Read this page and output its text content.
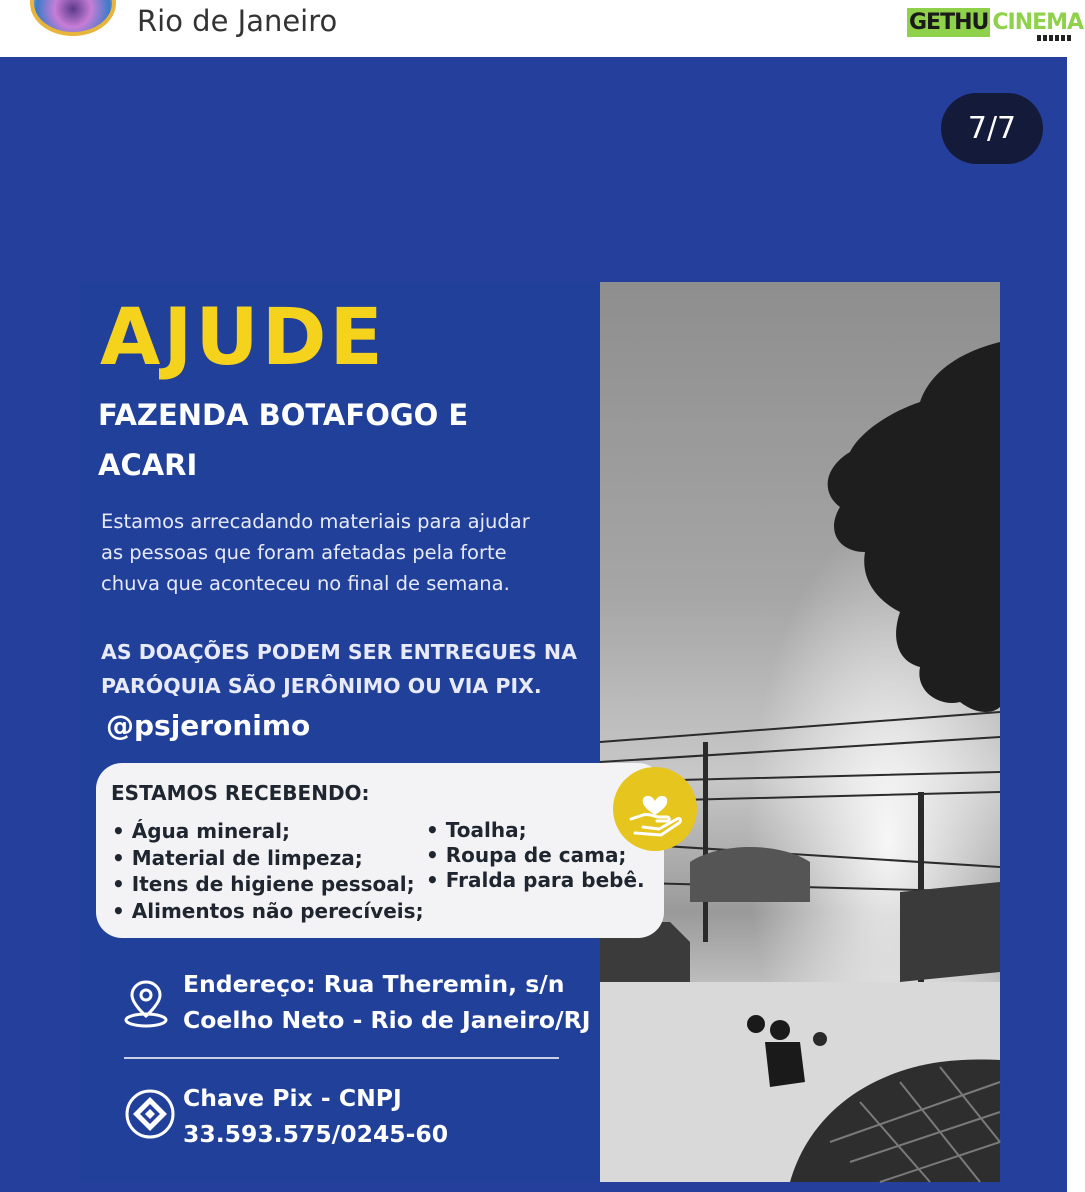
Rio de Janeiro	GETHU CINEMA
7/7
AJUDE
FAZENDA BOTAFOGO E
ACARI
Estamos arrecadando materiais para ajudar
as pessoas que foram afetadas pela forte
chuva que aconteceu no final de semana.
AS DOAÇÕES PODEM SER ENTREGUES NA
PARÓQUIA SÃO JERÔNIMO OU VIA PIX.
@psjeronimo
ESTAMOS RECEBENDO:
• Água mineral;
• Material de limpeza;
• Itens de higiene pessoal;
• Alimentos não perecíveis;
• Toalha;
• Roupa de cama;
• Fralda para bebê.
Endereço: Rua Theremin, s/n
Coelho Neto - Rio de Janeiro/RJ
Chave Pix - CNPJ
33.593.575/0245-60
